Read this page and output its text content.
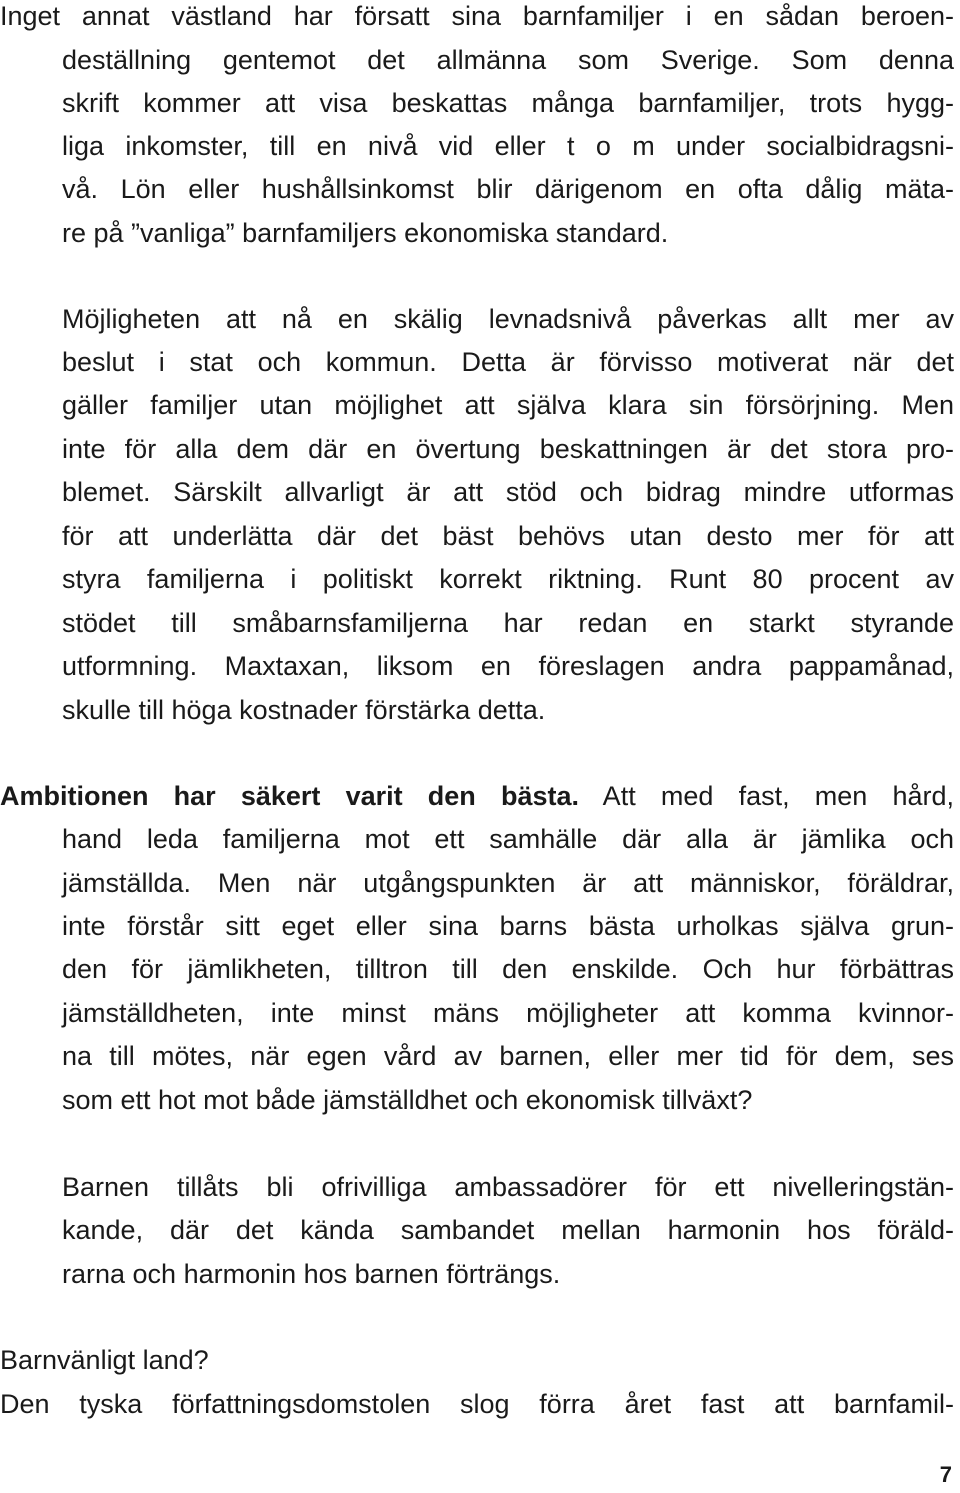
Inget annat västland har försatt sina barnfamiljer i en sådan beroen-

deställning gentemot det allmänna som Sverige. Som denna

skrift kommer att visa beskattas många barnfamiljer, trots hygg-

liga inkomster, till en nivå vid eller t o m under socialbidragsni-

vå. Lön eller hushållsinkomst blir därigenom en ofta dålig mäta-

re på ”vanliga” barnfamiljers ekonomiska standard.

Möjligheten att nå en skälig levnadsnivå påverkas allt mer av

beslut i stat och kommun. Detta är förvisso motiverat när det

gäller familjer utan möjlighet att själva klara sin försörjning. Men

inte för alla dem där en övertung beskattningen är det stora pro-

blemet. Särskilt allvarligt är att stöd och bidrag mindre utformas

för att underlätta där det bäst behövs utan desto mer för att

styra familjerna i politiskt korrekt riktning. Runt 80 procent av

stödet till småbarnsfamiljerna har redan en starkt styrande

utformning. Maxtaxan, liksom en föreslagen andra pappamånad,

skulle till höga kostnader förstärka detta.

Ambitionen har säkert varit den bästa. Att med fast, men hård,

hand leda familjerna mot ett samhälle där alla är jämlika och

jämställda. Men när utgångspunkten är att människor, föräldrar,

inte förstår sitt eget eller sina barns bästa urholkas själva grun-

den för jämlikheten, tilltron till den enskilde. Och hur förbättras

jämställdheten, inte minst mäns möjligheter att komma kvinnor-

na till mötes, när egen vård av barnen, eller mer tid för dem, ses

som ett hot mot både jämställdhet och ekonomisk tillväxt?

Barnen tillåts bli ofrivilliga ambassadörer för ett nivelleringstän-

kande, där det kända sambandet mellan harmonin hos föräld-

rarna och harmonin hos barnen förträngs.

Barnvänligt land?

Den tyska författningsdomstolen slog förra året fast att barnfamil-

7
